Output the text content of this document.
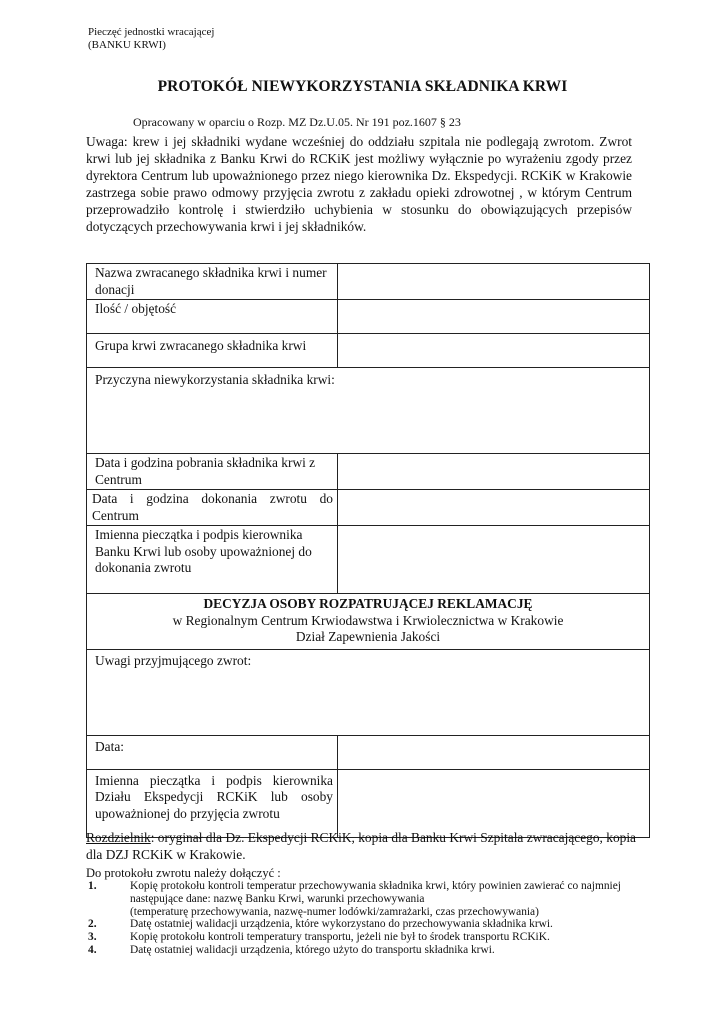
Pieczęć jednostki wracającej
(BANKU KRWI)
PROTOKÓŁ NIEWYKORZYSTANIA SKŁADNIKA KRWI
Opracowany w oparciu o Rozp. MZ Dz.U.05. Nr 191 poz.1607 § 23
Uwaga: krew i jej składniki wydane wcześniej do oddziału szpitala nie podlegają zwrotom. Zwrot krwi lub jej składnika z Banku Krwi do RCKiK jest możliwy wyłącznie po wyrażeniu zgody przez dyrektora Centrum lub upoważnionego przez niego kierownika Dz. Ekspedycji. RCKiK w Krakowie zastrzega sobie prawo odmowy przyjęcia zwrotu z zakładu opieki zdrowotnej , w którym Centrum przeprowadziło kontrolę i stwierdziło uchybienia w stosunku do obowiązujących przepisów dotyczących przechowywania krwi i jej składników.
Nazwa zwracanego składnika krwi i numer donacji	
Ilość / objętość	
Grupa krwi zwracanego składnika krwi	
Przyczyna niewykorzystania składnika krwi:	
Data i godzina pobrania składnika krwi z Centrum	
Data i godzina dokonania zwrotu do Centrum	
Imienna pieczątka i podpis kierownika Banku Krwi lub osoby upoważnionej do dokonania zwrotu	

DECYZJA OSOBY ROZPATRUJĄCEJ REKLAMACJĘ
w Regionalnym Centrum Krwiodawstwa i Krwiolecznictwa w Krakowie
Dział Zapewnienia Jakości	

Uwagi przyjmującego zwrot:	
Data:	
Imienna pieczątka i podpis kierownika Działu Ekspedycji RCKiK lub osoby upoważnionej do przyjęcia zwrotu	
Rozdzielnik: oryginał dla Dz. Ekspedycji RCKiK, kopia dla Banku Krwi Szpitala zwracającego, kopia dla DZJ RCKiK w Krakowie.
Do protokołu zwrotu należy dołączyć :
1.	Kopię protokołu kontroli temperatur przechowywania składnika krwi, który powinien zawierać co najmniej następujące dane: nazwę Banku Krwi, warunki przechowywania
(temperaturę przechowywania, nazwę-numer lodówki/zamrażarki, czas przechowywania)
2.	Datę ostatniej walidacji urządzenia, które wykorzystano do przechowywania składnika krwi.
3.	Kopię protokołu kontroli temperatury transportu, jeżeli nie był to środek transportu RCKiK.
4.	Datę ostatniej walidacji urządzenia, którego użyto do transportu składnika krwi.
